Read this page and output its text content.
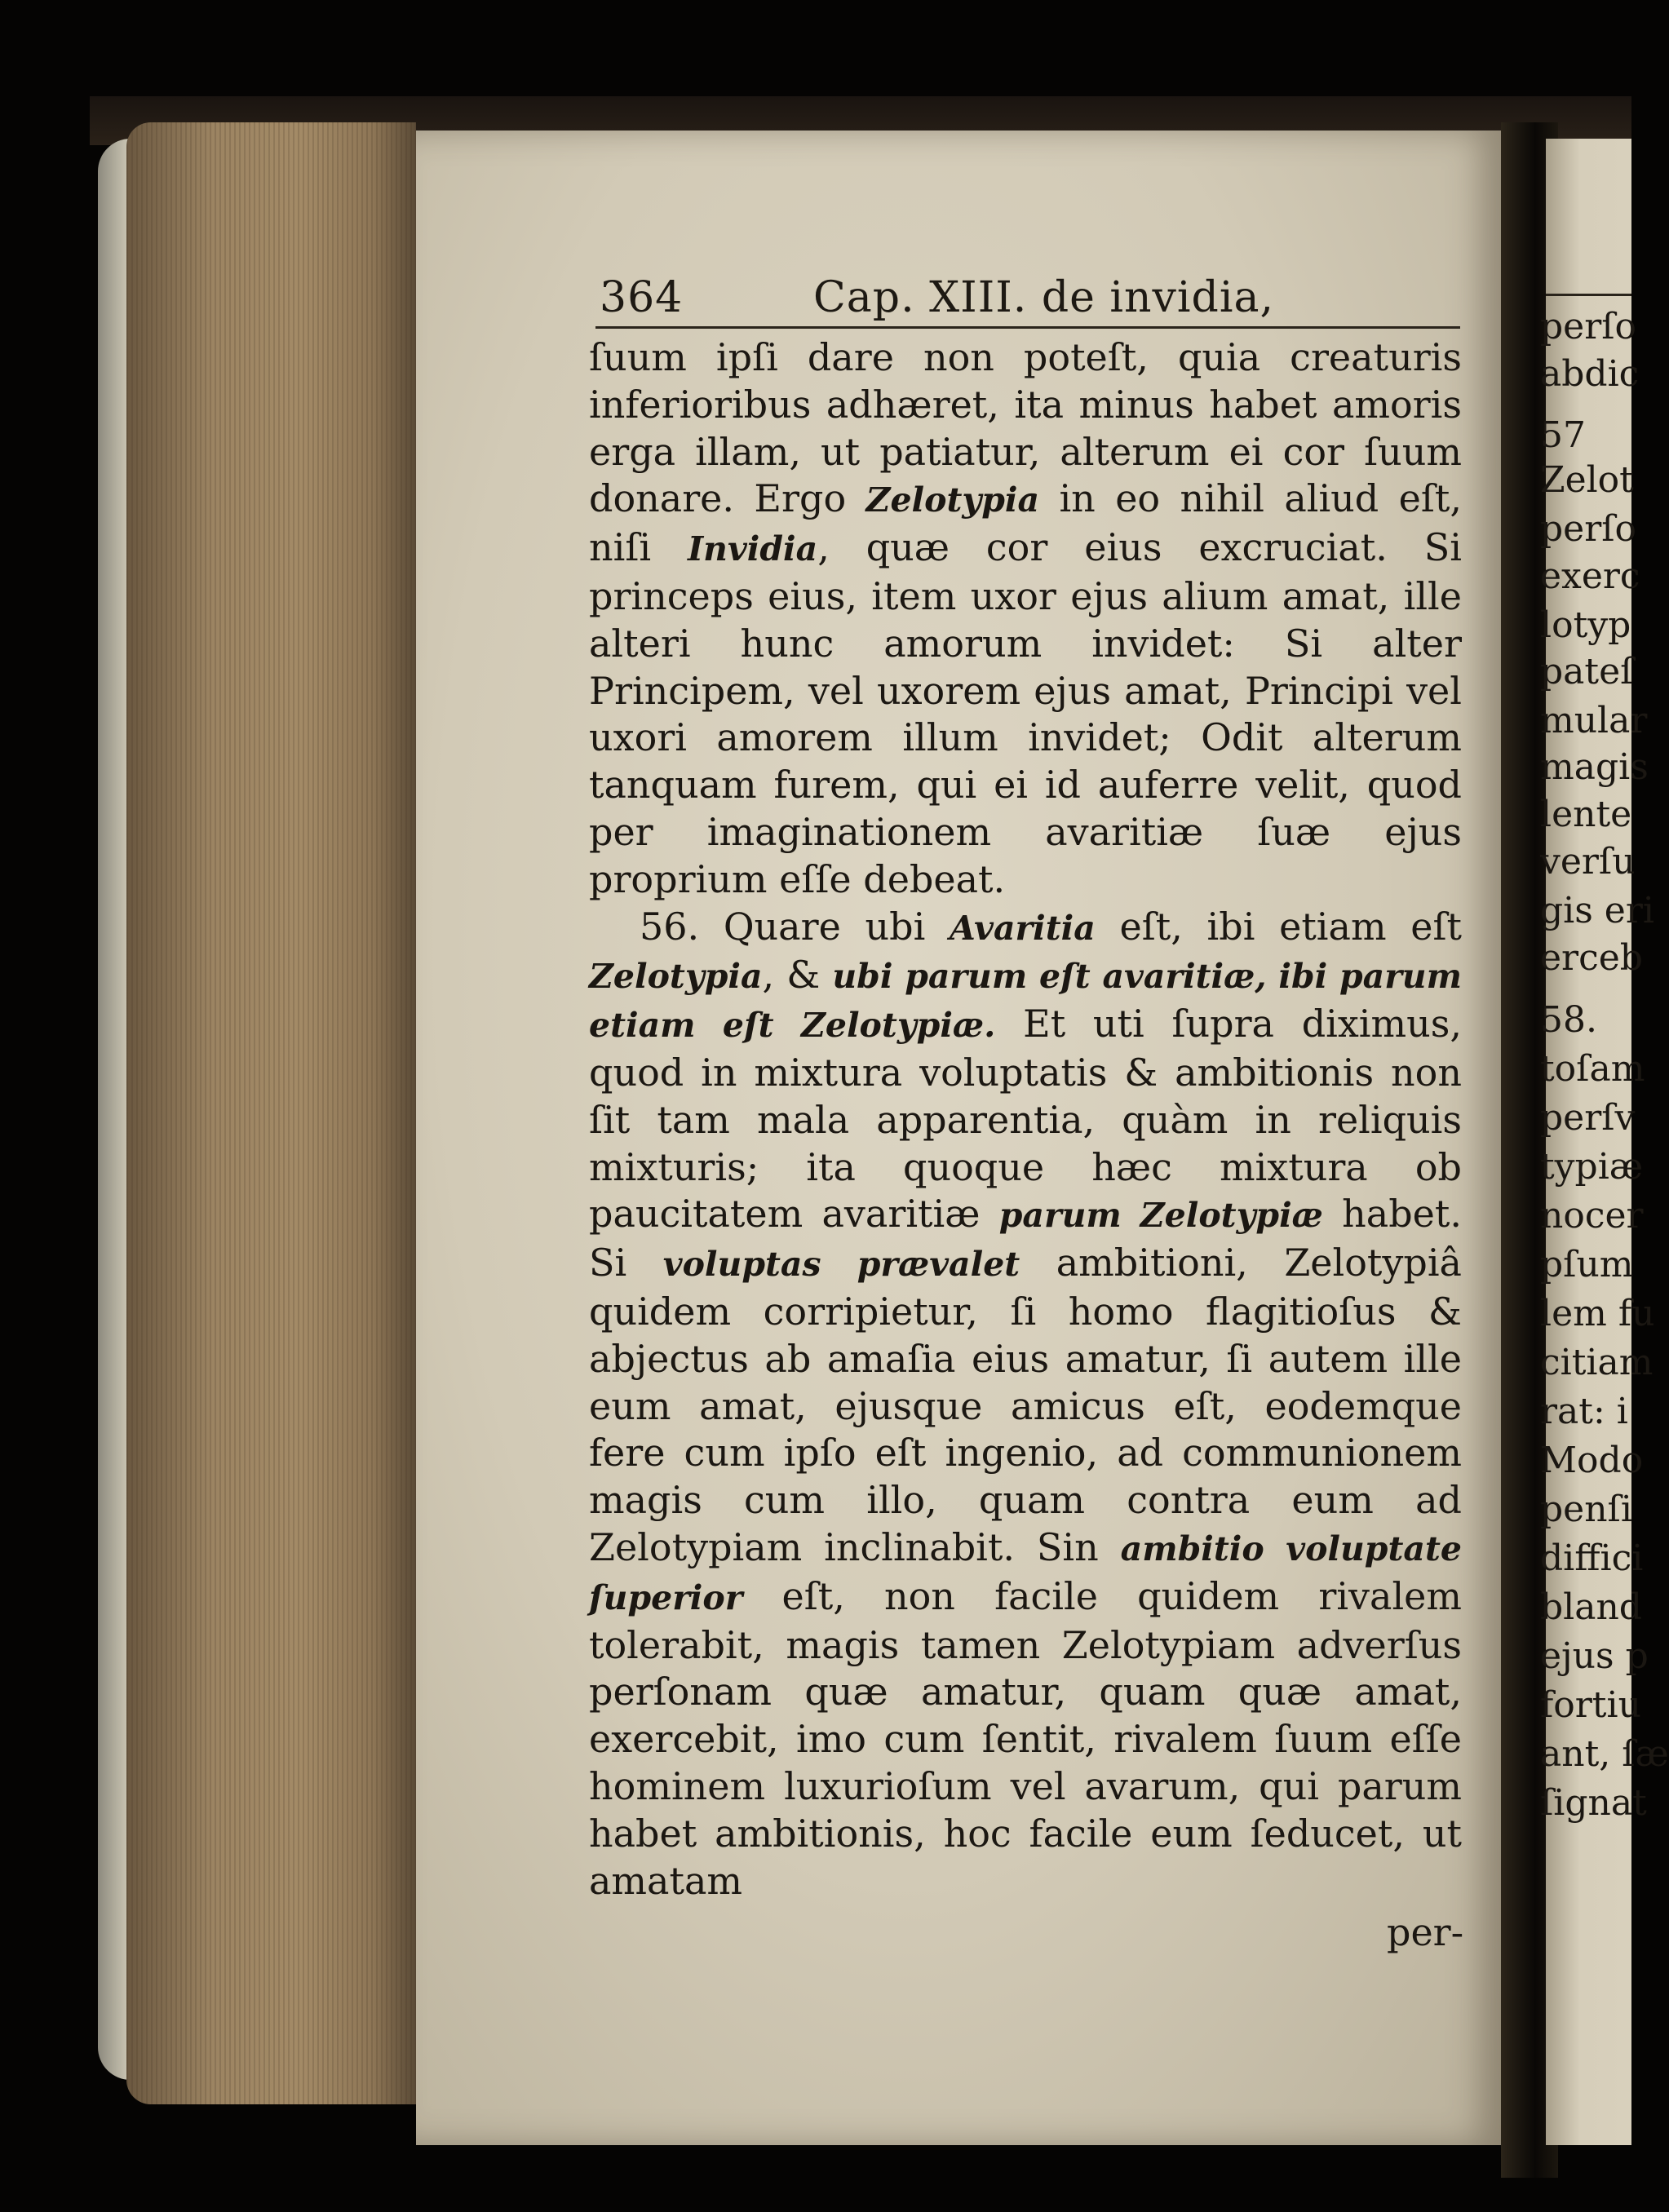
364	Cap. XIII. de invidia,

ſuum ipſi dare non poteſt, quia creaturis inferioribus adhæret, ita minus habet amoris erga illam, ut patiatur, alterum ei cor ſuum donare. Ergo Zelotypia in eo nihil aliud eſt, niſi Invidia, quæ cor eius excruciat. Si princeps eius, item uxor ejus alium amat, ille alteri hunc amorum invidet: Si alter Principem, vel uxorem ejus amat, Principi vel uxori amorem illum invidet; Odit alterum tanquam furem, qui ei id auferre velit, quod per imaginationem avaritiæ ſuæ ejus proprium eſſe debeat.

56. Quare ubi Avaritia eſt, ibi etiam eſt Zelotypia, & ubi parum eſt avaritiæ, ibi parum etiam eſt Zelotypiæ. Et uti ſupra diximus, quod in mixtura voluptatis & ambitionis non ſit tam mala apparentia, quàm in reliquis mixturis; ita quoque hæc mixtura ob paucitatem avaritiæ parum Zelotypiæ habet. Si voluptas prævalet ambitioni, Zelotypiâ quidem corripietur, ſi homo flagitioſus & abjectus ab amaſia eius amatur, ſi autem ille eum amat, ejusque amicus eſt, eodemque fere cum ipſo eſt ingenio, ad communionem magis cum illo, quam contra eum ad Zelotypiam inclinabit. Sin ambitio voluptate ſuperior eſt, non facile quidem rivalem tolerabit, magis tamen Zelotypiam adverſus perſonam quæ amatur, quam quæ amat, exercebit, imo cum ſentit, rivalem ſuum eſſe hominem luxurioſum vel avarum, qui parum habet ambitionis, hoc facile eum ſeducet, ut amatam

per-
perſo
abdic
57
Zelot
perſo
exerc
lotyp
pateſ
mular
magis
lente
verſu
gis eri
erceb
58.
toſam
perſv
typiæ
nocer
pſum
lem fu
citiam
rat: i
Modo
penſi
diffici
bland
ejus p
fortiu
ant, ſæ
ſignat
